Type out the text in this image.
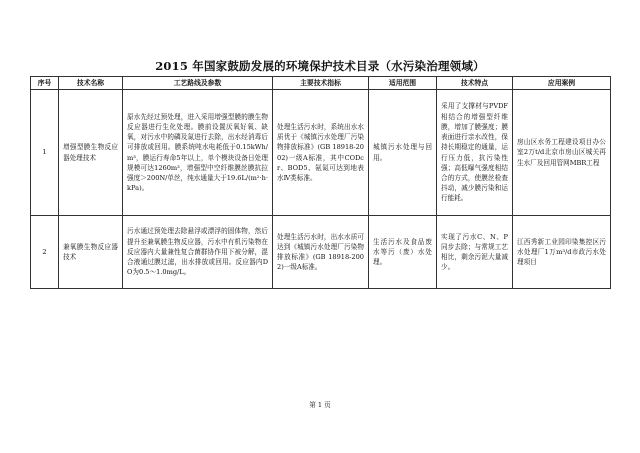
2015 年国家鼓励发展的环境保护技术目录（水污染治理领域）
序号	技术名称	工艺路线及参数	主要技术指标	适用范围	技术特点	应用案例
1	增强型膜生物反应器处理技术	原水先经过预处理，进入采用增强型膜的膜生物反应器进行生化处理。膜前设置厌氧好氧、缺氧，对污水中的磷及氮进行去除，出水经消毒后可排放或回用。膜系统吨水电耗低于0.15kWh/m³，膜运行寿命5年以上，单个模块设备日处理规模可达1260m³，增强型中空纤维膜丝膜抗拉强度＞200N/单丝，纯水通量大于19.6L/(m²·h·kPa)。	处理生活污水时，系统出水水质优于《城镇污水处理厂污染物排放标准》(GB 18918-2002)一级A标准，其中CODcr、BOD5、氨氮可达到地表水Ⅳ类标准。	城镇污水处理与回用。	采用了支撑材与PVDF相结合的增强型纤维膜，增加了膜强度；膜表面进行亲水改性，保持长期稳定的通量，运行压力低，抗污染性强；高低曝气强度相结合的方式，使膜丝检查抖动，减少膜污染和运行能耗。	房山区水务工程建设项目办公室2万t/d北京市房山区城关再生水厂及回用管网MBR工程

2	兼氧膜生物反应器技术	污水通过预处理去除悬浮或漂浮的固体物，然后提升至兼氧膜生物反应器，污水中有机污染物在反应器内大量兼性复合菌群协作用下被分解，混合液通过膜过滤，出水排放或回用。反应器内DO为0.5～1.0mg/L。	处理生活污水时，出水水质可达到《城镇污水处理厂污染物排放标准》(GB 18918-2002)一级A标准。	生活污水及食品废水等污（废）水处理。	实现了污水C、N、P同步去除；与常规工艺相比，剩余污泥大量减少。	江西秀新工业园印染集控区污水处理厂1万m³/d市政污水处理项目
第 1 页
